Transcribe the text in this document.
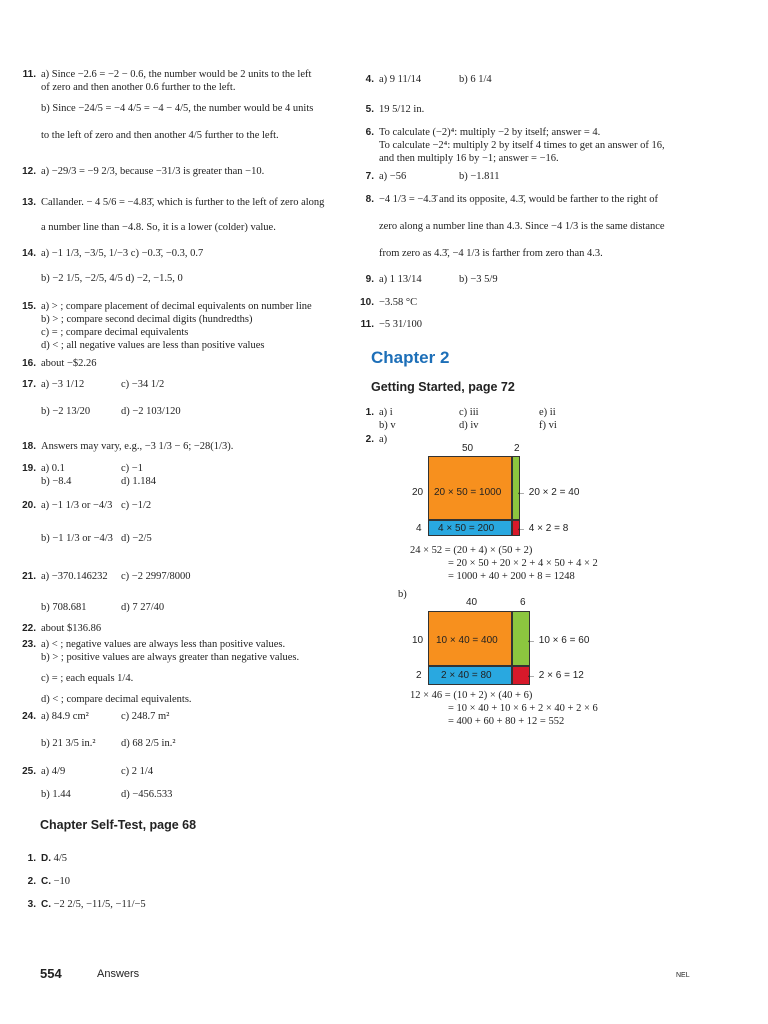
11. a) Since −2.6 = −2 − 0.6, the number would be 2 units to the left
of zero and then another 0.6 further to the left.
b) Since −24/5 = −4 4/5 = −4 − 4/5, the number would be 4 units
to the left of zero and then another 4/5 further to the left.
12. a) −29/3 = −9 2/3, because −31/3 is greater than −10.
13. Callander. − 4 5/6 = −4.83̄, which is further to the left of zero along
a number line than −4.8. So, it is a lower (colder) value.
14. a) −1 1/3, −3/5, 1/−3 c) −0.3̄, −0.3, 0.7
b) −2 1/5, −2/5, 4/5 d) −2, −1.5, 0
15. a) > ; compare placement of decimal equivalents on number line
b) > ; compare second decimal digits (hundredths)
c) = ; compare decimal equivalents
d) < ; all negative values are less than positive values
16. about −$2.26
17. a) −3 1/12	c) −34 1/2
b) −2 13/20	d) −2 103/120
18. Answers may vary, e.g., −3 1/3 − 6; −28(1/3).
19. a) 0.1	c) −1
b) −8.4	d) 1.184
20. a) −1 1/3 or −4/3 c) −1/2
b) −1 1/3 or −4/3 d) −2/5
21. a) −370.146232 c) −2 2997/8000
b) 708.681	d) 7 27/40
22. about $136.86
23. a) < ; negative values are always less than positive values.
b) > ; positive values are always greater than negative values.
c) = ; each equals 1/4.
d) < ; compare decimal equivalents.
24. a) 84.9 cm²	c) 248.7 m²
b) 21 3/5 in.² d) 68 2/5 in.²
25. a) 4/9	c) 2 1/4
b) 1.44	d) −456.533
Chapter Self-Test, page 68
1. D. 4/5
2. C. −10
3. C. −2 2/5, −11/5, −11/−5
4. a) 9 11/14	b) 6 1/4
5. 19 5/12 in.
6. To calculate (−2)⁴: multiply −2 by itself; answer = 4.
To calculate −2⁴: multiply 2 by itself 4 times to get an answer of 16,
and then multiply 16 by −1; answer = −16.
7. a) −56	b) −1.811
8. −4 1/3 = −4.3̄ and its opposite, 4.3̄, would be farther to the right of
zero along a number line than 4.3. Since −4 1/3 is the same distance
from zero as 4.3̄, −4 1/3 is farther from zero than 4.3.
9. a) 1 13/14	b) −3 5/9
10. −3.58 °C
11. −5 31/100
Chapter 2
Getting Started, page 72
1. a) i	c) iii	e) ii
b) v	d) iv	f) vi
2. a)
50	2
20
4
20 × 50 = 1000
4 × 50 = 200
← 20 × 2 = 40
← 4 × 2 = 8
24 × 52 = (20 + 4) × (50 + 2)
= 20 × 50 + 20 × 2 + 4 × 50 + 4 × 2
= 1000 + 40 + 200 + 8 = 1248
b)
40	6
10
2
10 × 40 = 400
2 × 40 = 80
← 10 × 6 = 60
← 2 × 6 = 12
12 × 46 = (10 + 2) × (40 + 6)
= 10 × 40 + 10 × 6 + 2 × 40 + 2 × 6
= 400 + 60 + 80 + 12 = 552
554	Answers	NEL
